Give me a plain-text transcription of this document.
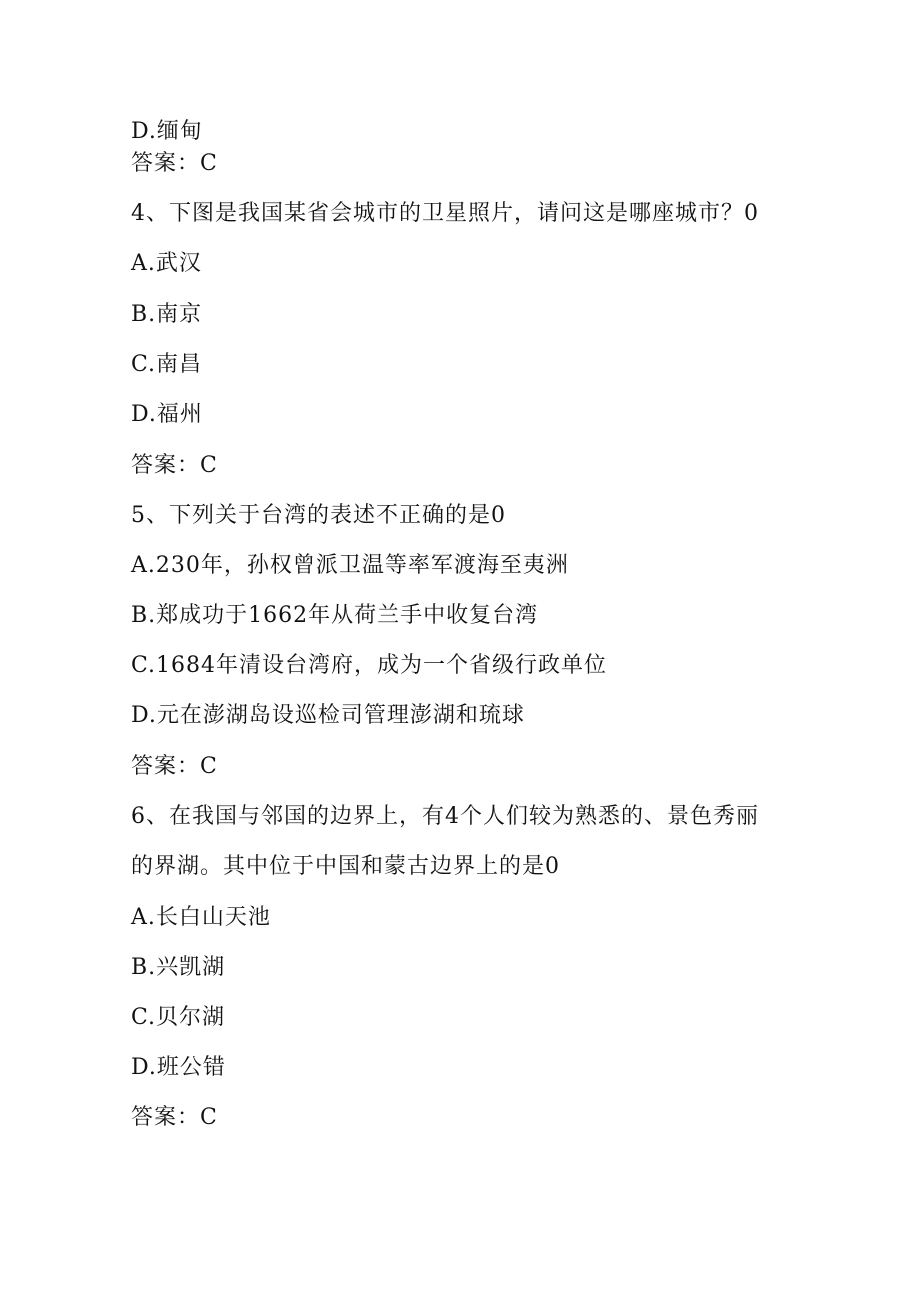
D.缅甸
答案：C
4、下图是我国某省会城市的卫星照片，请问这是哪座城市？0
A.武汉
B.南京
C.南昌
D.福州
答案：C
5、下列关于台湾的表述不正确的是0
A.230年，孙权曾派卫温等率军渡海至夷洲
B.郑成功于1662年从荷兰手中收复台湾
C.1684年清设台湾府，成为一个省级行政单位
D.元在澎湖岛设巡检司管理澎湖和琉球
答案：C
6、在我国与邻国的边界上，有4个人们较为熟悉的、景色秀丽
的界湖。其中位于中国和蒙古边界上的是0
A.长白山天池
B.兴凯湖
C.贝尔湖
D.班公错
答案：C
